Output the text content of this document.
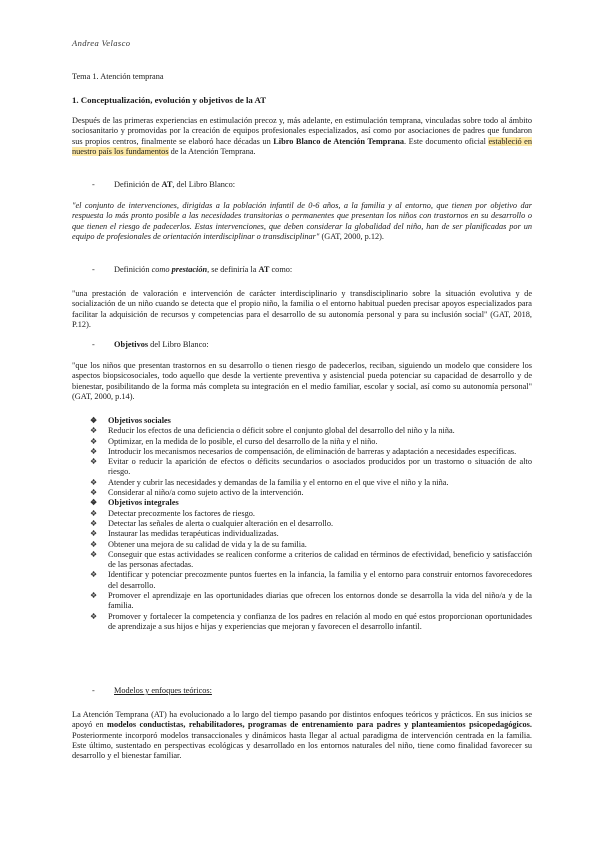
Andrea Velasco
Tema 1. Atención temprana
1. Conceptualización, evolución y objetivos de la AT
Después de las primeras experiencias en estimulación precoz y, más adelante, en estimulación temprana, vinculadas sobre todo al ámbito sociosanitario y promovidas por la creación de equipos profesionales especializados, así como por asociaciones de padres que fundaron sus propios centros, finalmente se elaboró hace décadas un Libro Blanco de Atención Temprana. Este documento oficial estableció en nuestro país los fundamentos de la Atención Temprana.
- Definición de AT, del Libro Blanco:
"el conjunto de intervenciones, dirigidas a la población infantil de 0-6 años, a la familia y al entorno, que tienen por objetivo dar respuesta lo más pronto posible a las necesidades transitorias o permanentes que presentan los niños con trastornos en su desarrollo o que tienen el riesgo de padecerlos. Estas intervenciones, que deben considerar la globalidad del niño, han de ser planificadas por un equipo de profesionales de orientación interdisciplinar o transdisciplinar" (GAT, 2000, p.12).
- Definición como prestación, se definiría la AT como:
"una prestación de valoración e intervención de carácter interdisciplinario y transdisciplinario sobre la situación evolutiva y de socialización de un niño cuando se detecta que el propio niño, la familia o el entorno habitual pueden precisar apoyos especializados para facilitar la adquisición de recursos y competencias para el desarrollo de su autonomía personal y para su inclusión social" (GAT, 2018, P.12).
- Objetivos del Libro Blanco:
"que los niños que presentan trastornos en su desarrollo o tienen riesgo de padecerlos, reciban, siguiendo un modelo que considere los aspectos biopsicosociales, todo aquello que desde la vertiente preventiva y asistencial pueda potenciar su capacidad de desarrollo y de bienestar, posibilitando de la forma más completa su integración en el medio familiar, escolar y social, así como su autonomía personal" (GAT, 2000, p.14).
❖ Objetivos sociales
❖ Reducir los efectos de una deficiencia o déficit sobre el conjunto global del desarrollo del niño y la niña.
❖ Optimizar, en la medida de lo posible, el curso del desarrollo de la niña y el niño.
❖ Introducir los mecanismos necesarios de compensación, de eliminación de barreras y adaptación a necesidades específicas.
❖ Evitar o reducir la aparición de efectos o déficits secundarios o asociados producidos por un trastorno o situación de alto riesgo.
❖ Atender y cubrir las necesidades y demandas de la familia y el entorno en el que vive el niño y la niña.
❖ Considerar al niño/a como sujeto activo de la intervención.
❖ Objetivos integrales
❖ Detectar precozmente los factores de riesgo.
❖ Detectar las señales de alerta o cualquier alteración en el desarrollo.
❖ Instaurar las medidas terapéuticas individualizadas.
❖ Obtener una mejora de su calidad de vida y la de su familia.
❖ Conseguir que estas actividades se realicen conforme a criterios de calidad en términos de efectividad, beneficio y satisfacción de las personas afectadas.
❖ Identificar y potenciar precozmente puntos fuertes en la infancia, la familia y el entorno para construir entornos favorecedores del desarrollo.
❖ Promover el aprendizaje en las oportunidades diarias que ofrecen los entornos donde se desarrolla la vida del niño/a y de la familia.
❖ Promover y fortalecer la competencia y confianza de los padres en relación al modo en qué estos proporcionan oportunidades de aprendizaje a sus hijos e hijas y experiencias que mejoran y favorecen el desarrollo infantil.
- Modelos y enfoques teóricos:
La Atención Temprana (AT) ha evolucionado a lo largo del tiempo pasando por distintos enfoques teóricos y prácticos. En sus inicios se apoyó en modelos conductistas, rehabilitadores, programas de entrenamiento para padres y planteamientos psicopedagógicos. Posteriormente incorporó modelos transaccionales y dinámicos hasta llegar al actual paradigma de intervención centrada en la familia. Este último, sustentado en perspectivas ecológicas y desarrollado en los entornos naturales del niño, tiene como finalidad favorecer su desarrollo y el bienestar familiar.
